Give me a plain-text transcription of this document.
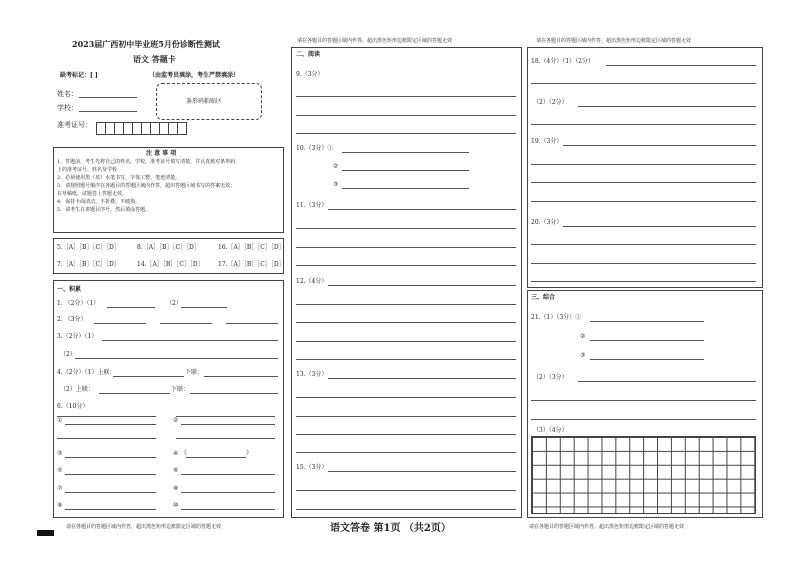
2023届广西初中毕业班5月份诊断性测试
语文 答题卡
缺考标记：[ ]	（由监考员填涂，考生严禁填涂）
姓名：
学校：
准考证号：
条形码粘贴区
注 意 事 项
1．答题前，考生先将自己的姓名、学校、准考证号填写清楚，并认真核对条形码
上的准考证号、姓名及学校
2．必须使用黑（蓝）水笔书写，字体工整、笔迹清楚。
3．请按照题号顺序在各题目的答题区域内作答，超出答题区域书写的答案无效；
在草稿纸、试题卷上答题无效。
4．保持卡面清洁，不折叠、不破损。
5．请考生在讲题目序号，然后填涂答题。
5.［A］［B］［C］［D］	8.［A］［B］［C］［D］	16.［A］［B］［C］［D］
7.［A］［B］［C］［D］	14.［A］［B］［C］［D］ 17.［A］［B］［C］［D］
一、积累
1. （2分）（1）	（2）
2. （3分）
3.（2分）（1）
（2）
4.（2分）（1）上联：	下联：
（2）上联：	下联：
6.（10分）
①	②
③	④ 《	》
⑤	⑥
⑦	⑧
⑨	⑩
请在各题目的答题区域内作答，超出黑色矩形边框限定区域的答题无效
请在各题目的答题区域内作答，超出黑色矩形边框限定区域的答题无效
二、阅读
9.（3分）
10.（3分）①
②
③
11.（3分）
12.（4分）
13.（3分）
15.（3分）
语文答卷 第1页 （共2页）
请在各题目的答题区域内作答，超出黑色矩形边框限定区域的答题无效
18.（4分）（1）（2分）
（2）（2分）
19.（3分）
20.（3分）
三、综合
21.（1）（3分）①
②
③
（2）（3分）
（3）（4分）
请在各题目的答题区域内作答，超出黑色矩形边框限定区域的答题无效
